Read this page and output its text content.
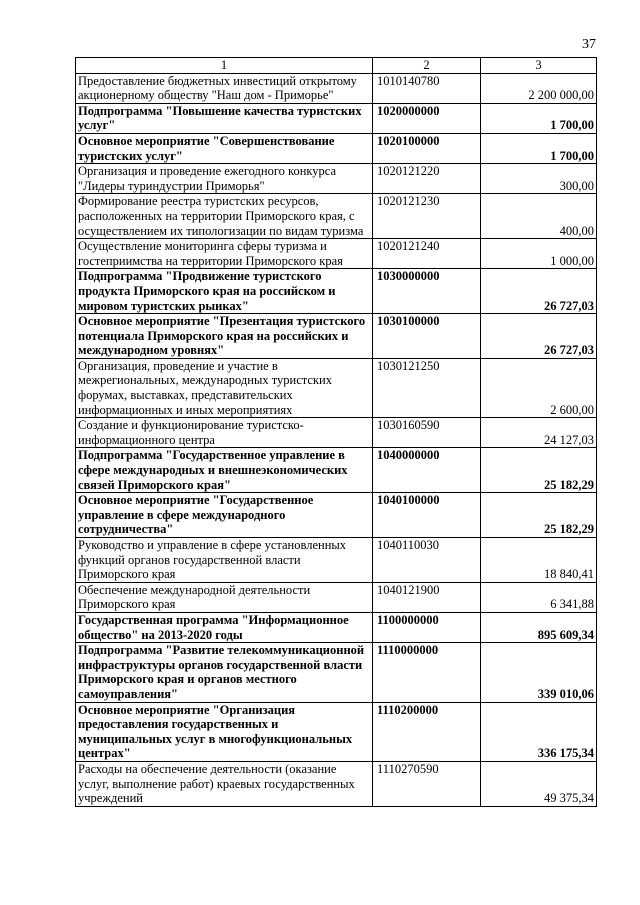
37
1	2	3
Предоставление бюджетных инвестиций открытому акционерному обществу "Наш дом - Приморье"	1010140780	2 200 000,00
Подпрограмма "Повышение качества туристских услуг"	1020000000	1 700,00
Основное мероприятие "Совершенствование туристских услуг"	1020100000	1 700,00
Организация и проведение ежегодного конкурса "Лидеры туриндустрии Приморья"	1020121220	300,00
Формирование реестра туристских ресурсов, расположенных на территории Приморского края, с осуществлением их типологизации по видам туризма	1020121230	400,00
Осуществление мониторинга сферы туризма и гостеприимства на территории Приморского края	1020121240	1 000,00
Подпрограмма "Продвижение туристского продукта Приморского края на российском и мировом туристских рынках"	1030000000	26 727,03
Основное мероприятие "Презентация туристского потенциала Приморского края на российских и международном уровнях"	1030100000	26 727,03
Организация, проведение и участие в межрегиональных, международных туристских форумах, выставках, представительских информационных и иных мероприятиях	1030121250	2 600,00
Создание и функционирование туристско-информационного центра	1030160590	24 127,03
Подпрограмма "Государственное управление в сфере международных и внешнеэкономических связей Приморского края"	1040000000	25 182,29
Основное мероприятие "Государственное управление в сфере международного сотрудничества"	1040100000	25 182,29
Руководство и управление в сфере установленных функций органов государственной власти Приморского края	1040110030	18 840,41
Обеспечение международной деятельности Приморского края	1040121900	6 341,88
Государственная программа "Информационное общество" на 2013-2020 годы	1100000000	895 609,34
Подпрограмма "Развитие телекоммуникационной инфраструктуры органов государственной власти Приморского края и органов местного самоуправления"	1110000000	339 010,06
Основное мероприятие "Организация предоставления государственных и муниципальных услуг в многофункциональных центрах"	1110200000	336 175,34
Расходы на обеспечение деятельности (оказание услуг, выполнение работ) краевых государственных учреждений	1110270590	49 375,34
